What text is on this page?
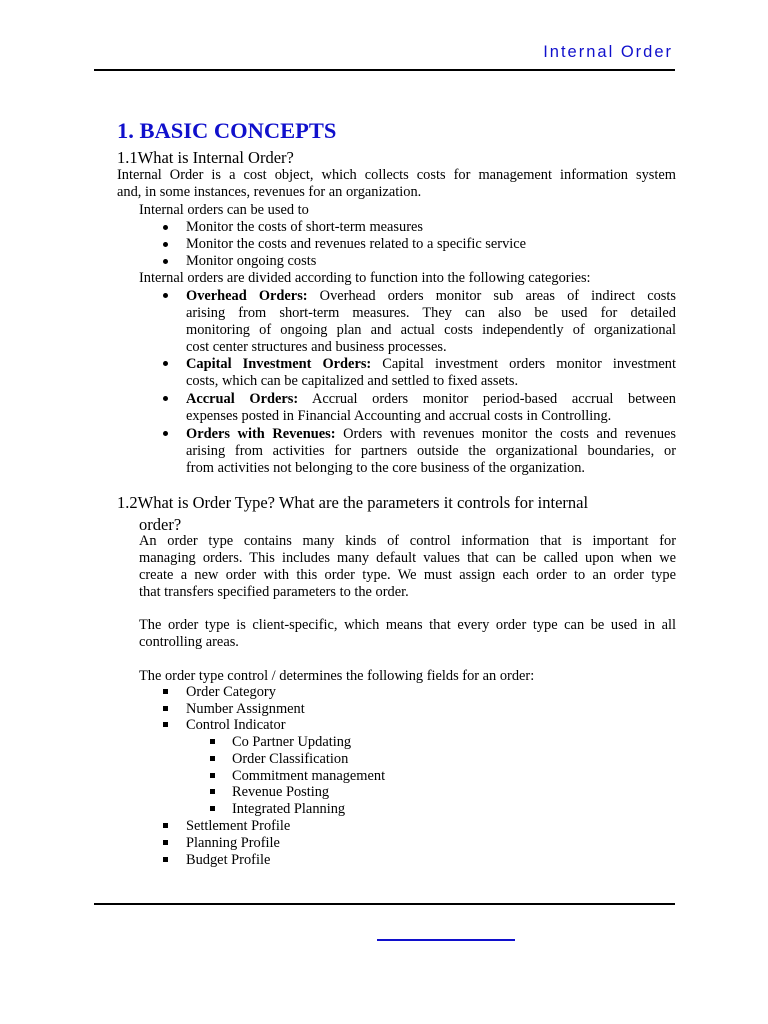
Internal Order
1. BASIC CONCEPTS
1.1What is Internal Order?
Internal Order is a cost object, which collects costs for management information system
and, in some instances, revenues for an organization.
Internal orders can be used to
Monitor the costs of short-term measures
Monitor the costs and revenues related to a specific service
Monitor ongoing costs
Internal orders are divided according to function into the following categories:
Overhead Orders: Overhead orders monitor sub areas of indirect costs
arising from short-term measures. They can also be used for detailed
monitoring of ongoing plan and actual costs independently of organizational
cost center structures and business processes.
Capital Investment Orders: Capital investment orders monitor investment
costs, which can be capitalized and settled to fixed assets.
Accrual Orders: Accrual orders monitor period-based accrual between
expenses posted in Financial Accounting and accrual costs in Controlling.
Orders with Revenues: Orders with revenues monitor the costs and revenues
arising from activities for partners outside the organizational boundaries, or
from activities not belonging to the core business of the organization.
1.2What is Order Type? What are the parameters it controls for internal
order?
An order type contains many kinds of control information that is important for
managing orders. This includes many default values that can be called upon when we
create a new order with this order type. We must assign each order to an order type
that transfers specified parameters to the order.
The order type is client-specific, which means that every order type can be used in all
controlling areas.
The order type control / determines the following fields for an order:
Order Category
Number Assignment
Control Indicator
Co Partner Updating
Order Classification
Commitment management
Revenue Posting
Integrated Planning
Settlement Profile
Planning Profile
Budget Profile
